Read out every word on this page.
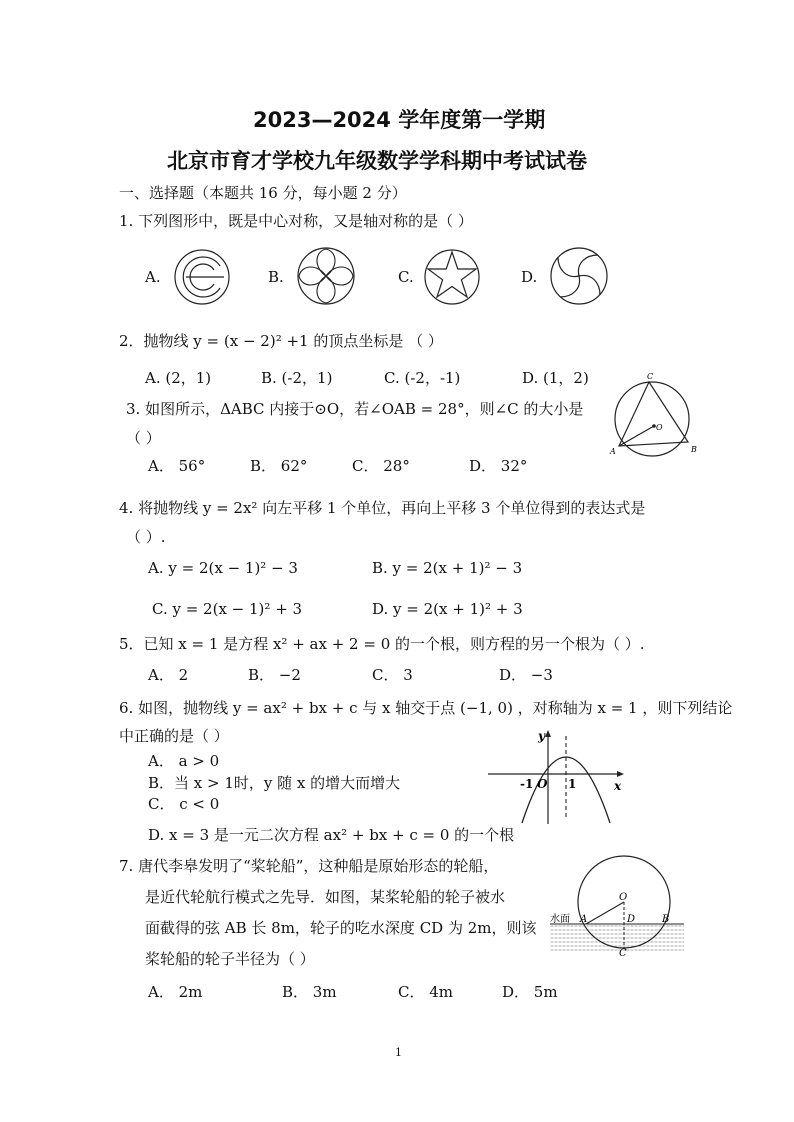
2023—2024 学年度第一学期
北京市育才学校九年级数学学科期中考试试卷
一、选择题（本题共 16 分，每小题 2 分）
1. 下列图形中，既是中心对称，又是轴对称的是（ ）
A.	B.	C.	D.
2．抛物线 y = (x − 2)² +1 的顶点坐标是 （ ）
A. (2，1)	B. (-2，1)	C. (-2，-1)	D. (1，2)
3. 如图所示，ΔABC 内接于⊙O，若∠OAB = 28°，则∠C 的大小是
（ ）
A． 56°	B． 62°	C． 28°	D． 32°
C
O
A	B
4. 将抛物线 y = 2x² 向左平移 1 个单位，再向上平移 3 个单位得到的表达式是
（ ）.
A. y = 2(x − 1)² − 3	B. y = 2(x + 1)² − 3
C. y = 2(x − 1)² + 3	D. y = 2(x + 1)² + 3
5．已知 x = 1 是方程 x² + ax + 2 = 0 的一个根，则方程的另一个根为（ ）.
A． 2	B． −2	C． 3	D． −3
6. 如图，抛物线 y = ax² + bx + c 与 x 轴交于点 (−1, 0) ，对称轴为 x = 1 ，则下列结论
中正确的是（ ）
A． a > 0
B．当 x > 1时，y 随 x 的增大而增大
C． c < 0
D. x = 3 是一元二次方程 ax² + bx + c = 0 的一个根
y
x
-1 O 1
7. 唐代李皋发明了“桨轮船”，这种船是原始形态的轮船，
是近代轮航行模式之先导．如图，某桨轮船的轮子被水
面截得的弦 AB 长 8m，轮子的吃水深度 CD 为 2m，则该
桨轮船的轮子半径为（ ）
A． 2m	B． 3m	C． 4m	D． 5m
O
水面 A	D	B
C
1
